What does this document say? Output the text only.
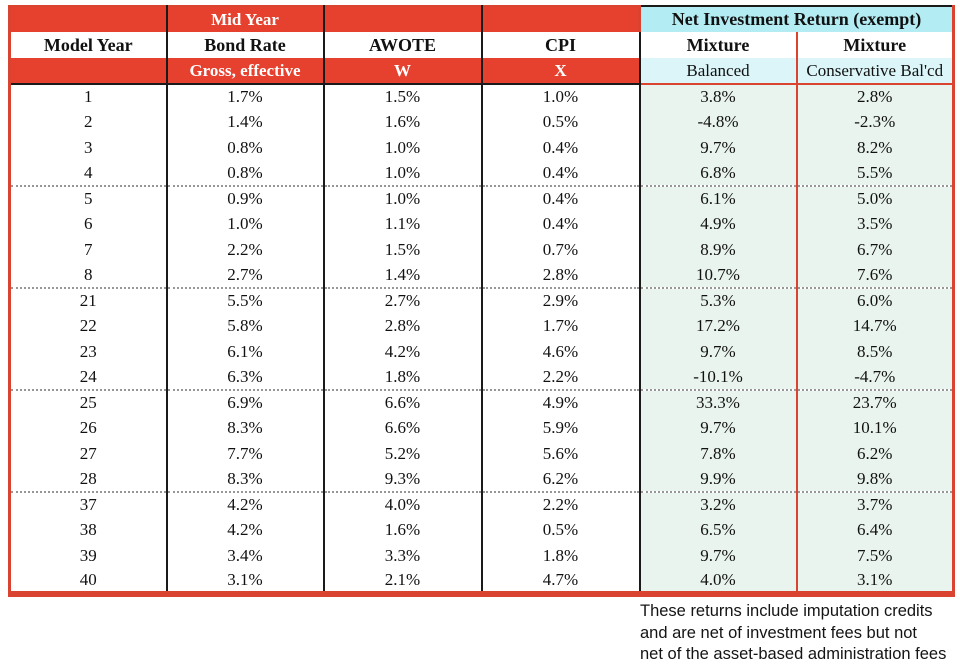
	Mid Year			Net Investment Return (exempt)	
Model Year	Bond Rate	AWOTE	CPI	Mixture	Mixture
	Gross, effective	W	X	Balanced	Conservative Bal'cd
1	1.7%	1.5%	1.0%	3.8%	2.8%
2	1.4%	1.6%	0.5%	-4.8%	-2.3%
3	0.8%	1.0%	0.4%	9.7%	8.2%
4	0.8%	1.0%	0.4%	6.8%	5.5%
5	0.9%	1.0%	0.4%	6.1%	5.0%
6	1.0%	1.1%	0.4%	4.9%	3.5%
7	2.2%	1.5%	0.7%	8.9%	6.7%
8	2.7%	1.4%	2.8%	10.7%	7.6%
21	5.5%	2.7%	2.9%	5.3%	6.0%
22	5.8%	2.8%	1.7%	17.2%	14.7%
23	6.1%	4.2%	4.6%	9.7%	8.5%
24	6.3%	1.8%	2.2%	-10.1%	-4.7%
25	6.9%	6.6%	4.9%	33.3%	23.7%
26	8.3%	6.6%	5.9%	9.7%	10.1%
27	7.7%	5.2%	5.6%	7.8%	6.2%
28	8.3%	9.3%	6.2%	9.9%	9.8%
37	4.2%	4.0%	2.2%	3.2%	3.7%
38	4.2%	1.6%	0.5%	6.5%	6.4%
39	3.4%	3.3%	1.8%	9.7%	7.5%
40	3.1%	2.1%	4.7%	4.0%	3.1%
These returns include imputation credits
and are net of investment fees but not
net of the asset-based administration fees
